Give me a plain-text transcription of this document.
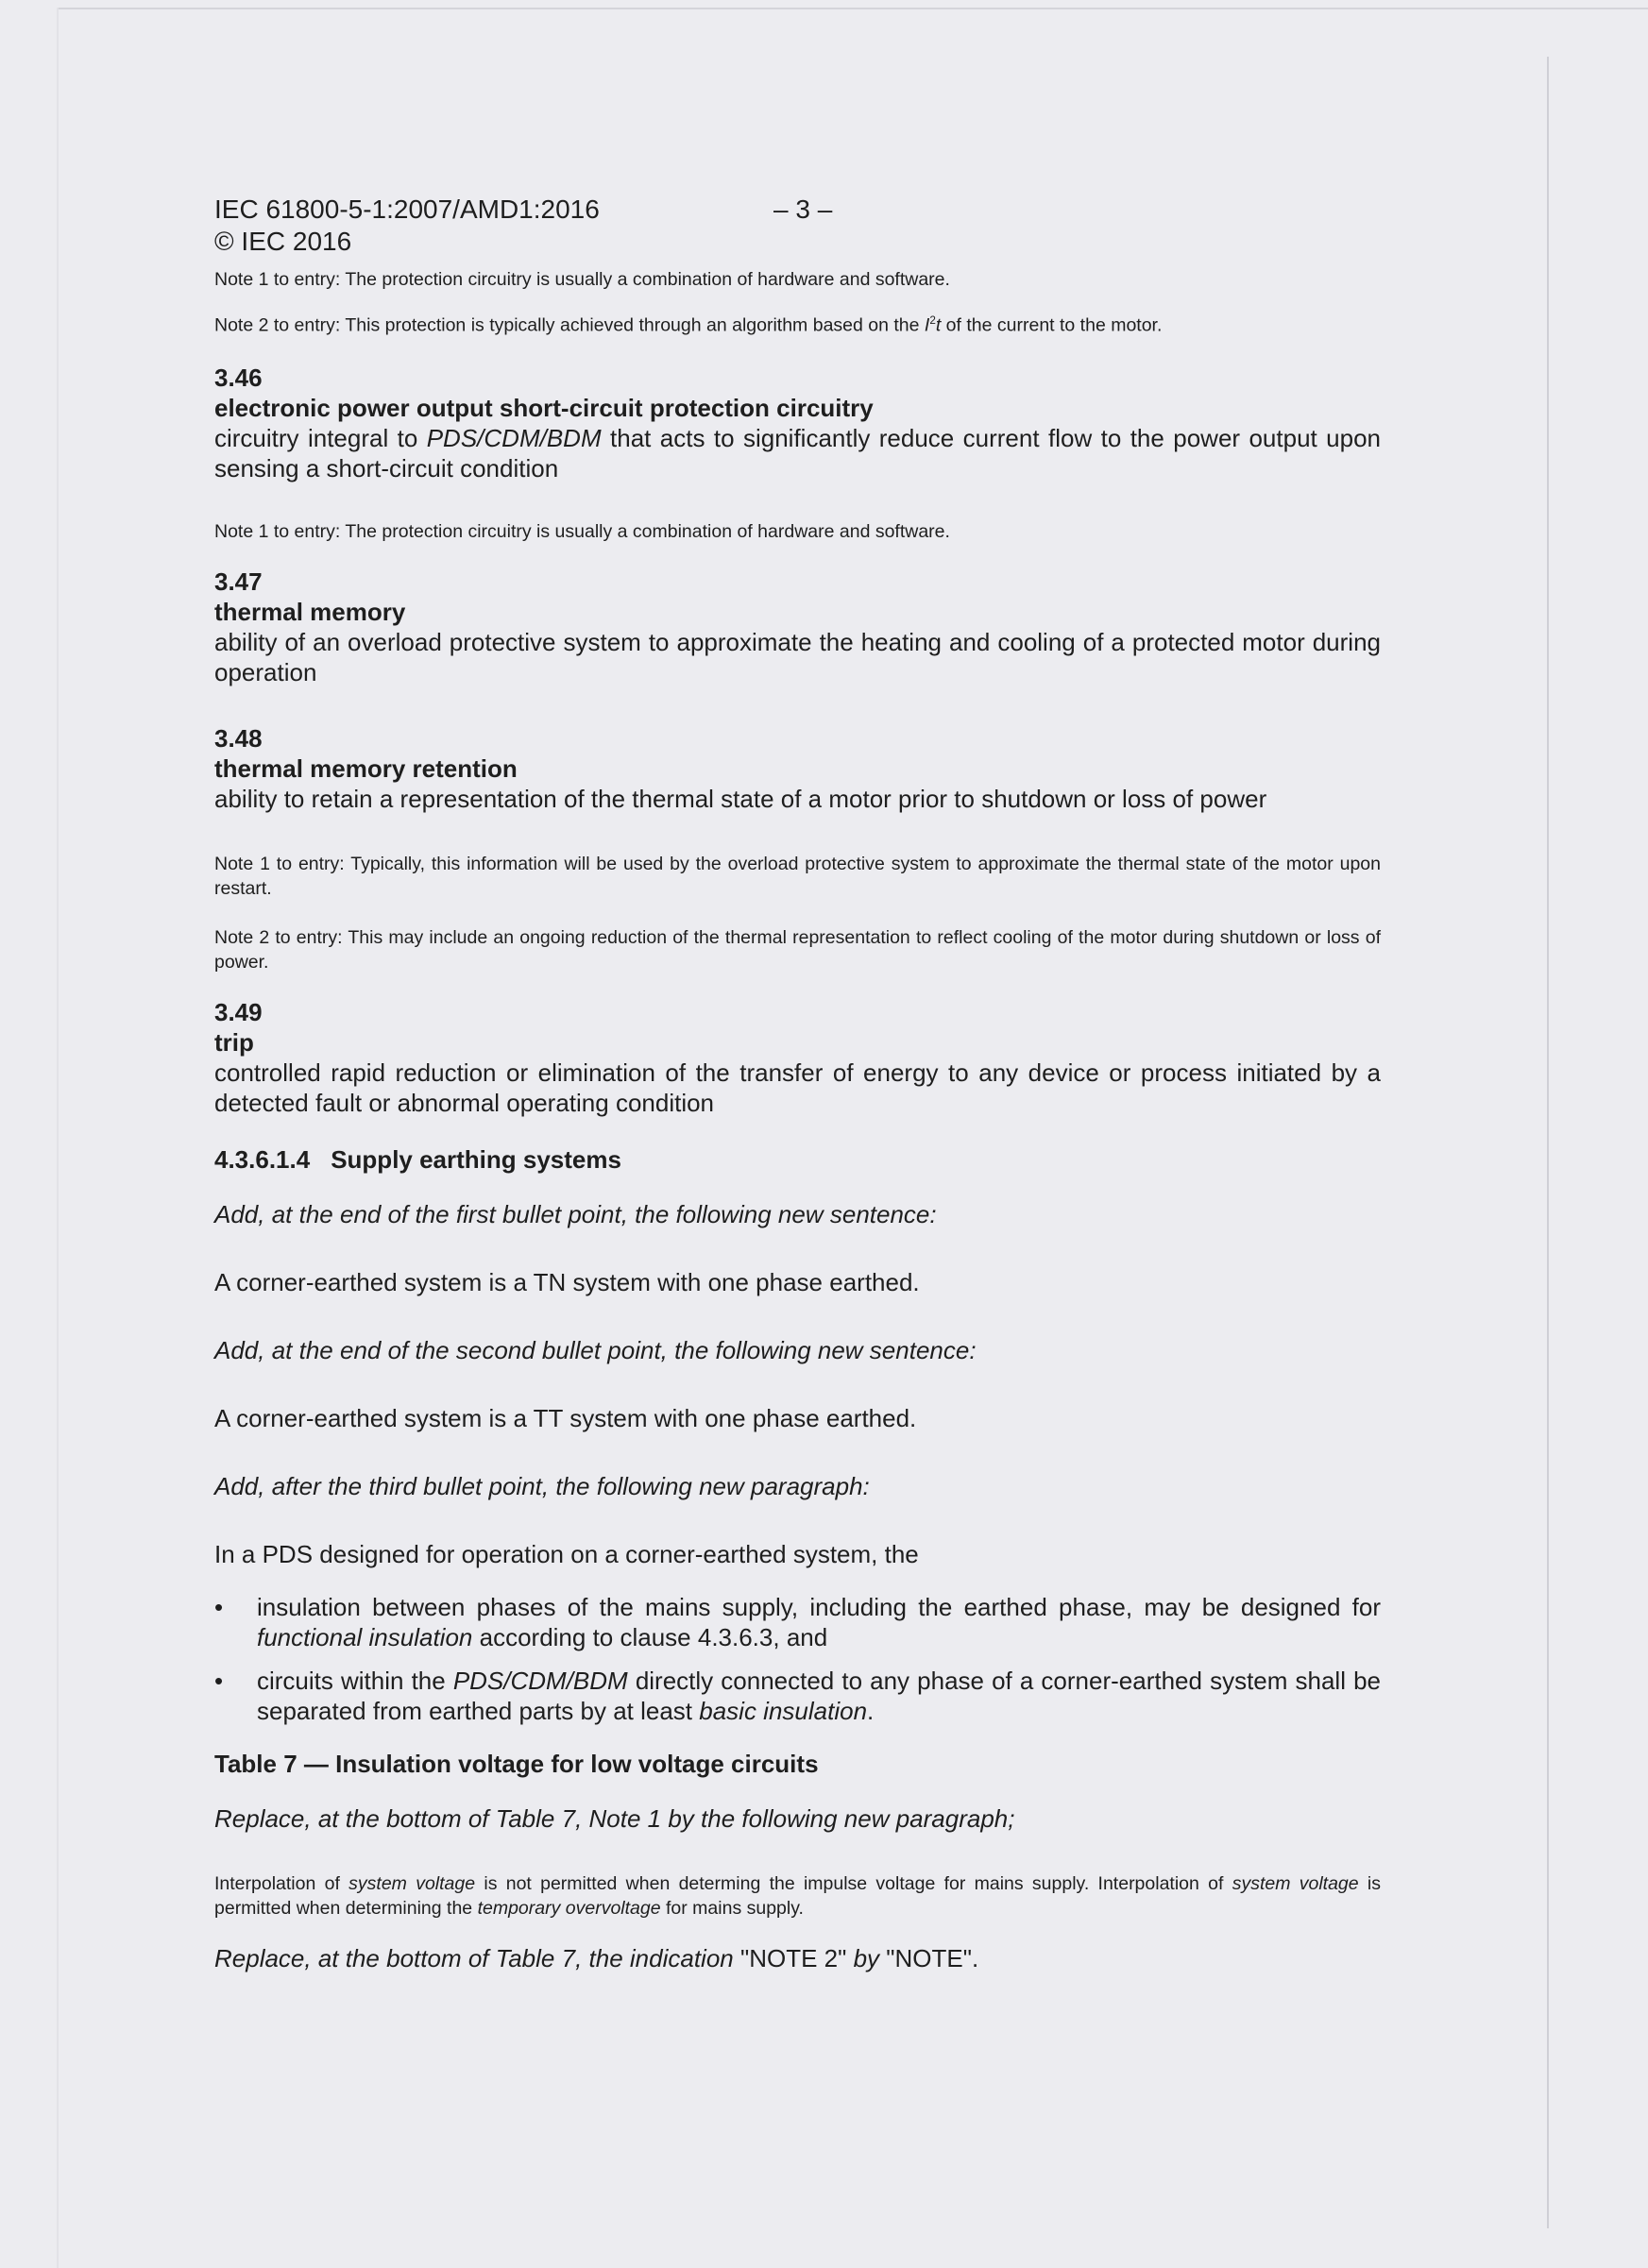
IEC 61800-5-1:2007/AMD1:2016
© IEC 2016
– 3 –

Note 1 to entry: The protection circuitry is usually a combination of hardware and software.

Note 2 to entry: This protection is typically achieved through an algorithm based on the $I^2t$ of the current to the motor.

3.46

electronic power output short-circuit protection circuitry

circuitry integral to PDS/CDM/BDM that acts to significantly reduce current flow to the power output upon sensing a short-circuit condition

Note 1 to entry: The protection circuitry is usually a combination of hardware and software.

3.47

thermal memory

ability of an overload protective system to approximate the heating and cooling of a protected motor during operation

3.48

thermal memory retention

ability to retain a representation of the thermal state of a motor prior to shutdown or loss of power

Note 1 to entry: Typically, this information will be used by the overload protective system to approximate the thermal state of the motor upon restart.

Note 2 to entry: This may include an ongoing reduction of the thermal representation to reflect cooling of the motor during shutdown or loss of power.

3.49

trip

controlled rapid reduction or elimination of the transfer of energy to any device or process initiated by a detected fault or abnormal operating condition

4.3.6.1.4 Supply earthing systems

Add, at the end of the first bullet point, the following new sentence:

A corner-earthed system is a TN system with one phase earthed.

Add, at the end of the second bullet point, the following new sentence:

A corner-earthed system is a TT system with one phase earthed.

Add, after the third bullet point, the following new paragraph:

In a PDS designed for operation on a corner-earthed system, the

• insulation between phases of the mains supply, including the earthed phase, may be designed for functional insulation according to clause 4.3.6.3, and
• circuits within the PDS/CDM/BDM directly connected to any phase of a corner-earthed system shall be separated from earthed parts by at least basic insulation.

Table 7 — Insulation voltage for low voltage circuits

Replace, at the bottom of Table 7, Note 1 by the following new paragraph;

Interpolation of system voltage is not permitted when determing the impulse voltage for mains supply. Interpolation of system voltage is permitted when determining the temporary overvoltage for mains supply.

Replace, at the bottom of Table 7, the indication "NOTE 2" by "NOTE".
